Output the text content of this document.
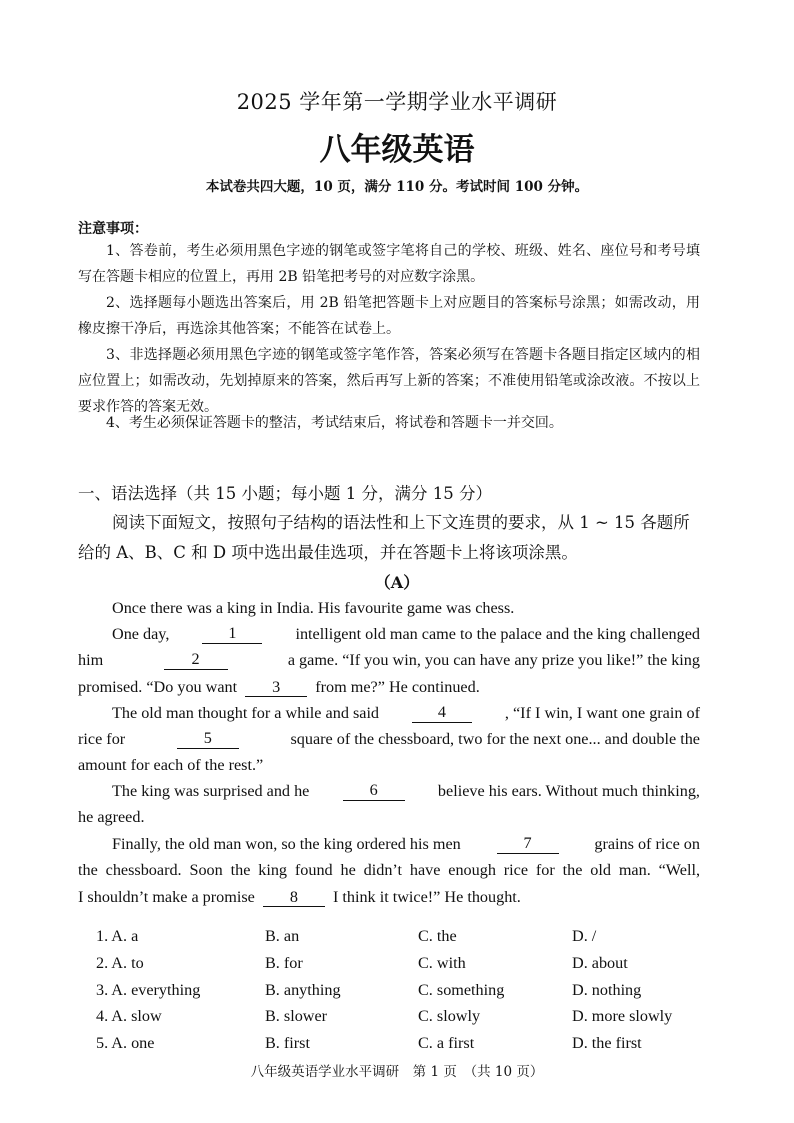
2025 学年第一学期学业水平调研
八年级英语
本试卷共四大题，10 页，满分 110 分。考试时间 100 分钟。
注意事项：
1、答卷前，考生必须用黑色字迹的钢笔或签字笔将自己的学校、班级、姓名、座位号和考号填写在答题卡相应的位置上，再用 2B 铅笔把考号的对应数字涂黑。
2、选择题每小题选出答案后，用 2B 铅笔把答题卡上对应题目的答案标号涂黑；如需改动，用橡皮擦干净后，再选涂其他答案；不能答在试卷上。
3、非选择题必须用黑色字迹的钢笔或签字笔作答，答案必须写在答题卡各题目指定区域内的相应位置上；如需改动，先划掉原来的答案，然后再写上新的答案；不准使用铅笔或涂改液。不按以上要求作答的答案无效。
4、考生必须保证答题卡的整洁，考试结束后，将试卷和答题卡一并交回。
一、语法选择（共 15 小题；每小题 1 分，满分 15 分）
阅读下面短文，按照句子结构的语法性和上下文连贯的要求，从 1 ~ 15 各题所给的 A、B、C 和 D 项中选出最佳选项，并在答题卡上将该项涂黑。
（A）
Once there was a king in India. His favourite game was chess.
One day,	1	intelligent old man came to the palace and the king challenged
him	2	a game. “If you win, you can have any prize you like!” the king
promised. “Do you want 3 from me?” He continued.
The old man thought for a while and said	4	, “If I win, I want one grain of
rice for	5	square of the chessboard, two for the next one... and double the
amount for each of the rest.”
The king was surprised and he	6	believe his ears. Without much thinking,
he agreed.
Finally, the old man won, so the king ordered his men	7	grains of rice on
the chessboard. Soon the king found he didn’t have enough rice for the old man. “Well,
I shouldn’t make a promise 8 I think it twice!” He thought.
1. A. a	B. an	C. the	D. /
2. A. to	B. for	C. with	D. about
3. A. everything	B. anything	C. something	D. nothing
4. A. slow	B. slower	C. slowly	D. more slowly
5. A. one	B. first	C. a first	D. the first
八年级英语学业水平调研　第 1 页　（共 10 页）
